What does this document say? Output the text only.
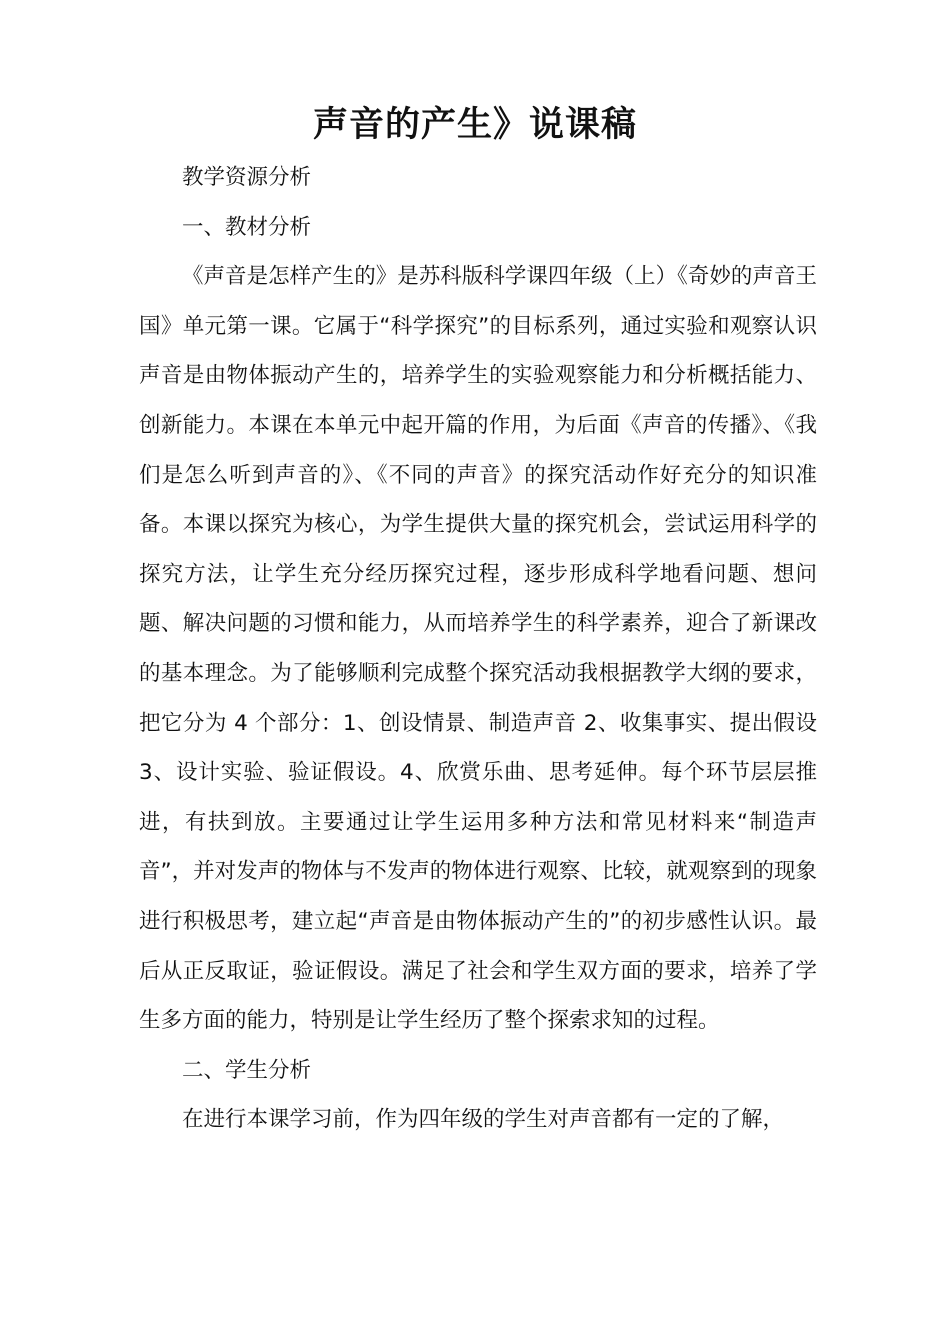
声音的产生》说课稿

教学资源分析

一、教材分析

《声音是怎样产生的》是苏科版科学课四年级（上）《奇妙的声音王国》单元第一课。它属于“科学探究”的目标系列，通过实验和观察认识声音是由物体振动产生的，培养学生的实验观察能力和分析概括能力、创新能力。本课在本单元中起开篇的作用，为后面《声音的传播》、《我们是怎么听到声音的》、《不同的声音》的探究活动作好充分的知识准备。本课以探究为核心，为学生提供大量的探究机会，尝试运用科学的探究方法，让学生充分经历探究过程，逐步形成科学地看问题、想问题、解决问题的习惯和能力，从而培养学生的科学素养，迎合了新课改的基本理念。为了能够顺利完成整个探究活动我根据教学大纲的要求，把它分为 4 个部分：1、创设情景、制造声音 2、收集事实、提出假设 3、设计实验、验证假设。4、欣赏乐曲、思考延伸。每个环节层层推进，有扶到放。主要通过让学生运用多种方法和常见材料来“制造声音”，并对发声的物体与不发声的物体进行观察、比较，就观察到的现象进行积极思考，建立起“声音是由物体振动产生的”的初步感性认识。最后从正反取证，验证假设。满足了社会和学生双方面的要求，培养了学生多方面的能力，特别是让学生经历了整个探索求知的过程。

二、学生分析

在进行本课学习前，作为四年级的学生对声音都有一定的了解，
